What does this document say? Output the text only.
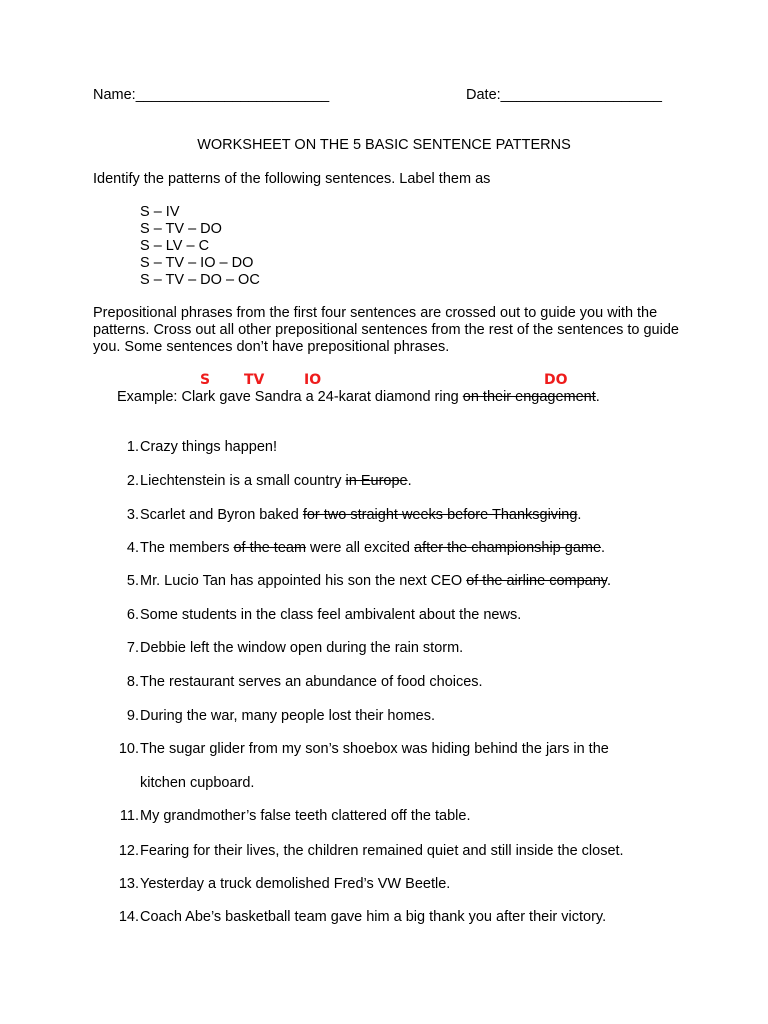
Name:________________________	Date:____________________
WORKSHEET ON THE 5 BASIC SENTENCE PATTERNS
Identify the patterns of the following sentences. Label them as
S – IV
S – TV – DO
S – LV – C
S – TV – IO – DO
S – TV – DO – OC
Prepositional phrases from the first four sentences are crossed out to guide you with the patterns. Cross out all other prepositional sentences from the rest of the sentences to guide you. Some sentences don’t have prepositional phrases.
S TV	IO	DO
Example: Clark gave Sandra a 24-karat diamond ring on their engagement.
1. Crazy things happen!
2. Liechtenstein is a small country in Europe.
3. Scarlet and Byron baked for two straight weeks before Thanksgiving.
4. The members of the team were all excited after the championship game.
5. Mr. Lucio Tan has appointed his son the next CEO of the airline company.
6. Some students in the class feel ambivalent about the news.
7. Debbie left the window open during the rain storm.
8. The restaurant serves an abundance of food choices.
9. During the war, many people lost their homes.
10. The sugar glider from my son’s shoebox was hiding behind the jars in the
kitchen cupboard.
11. My grandmother’s false teeth clattered off the table.
12. Fearing for their lives, the children remained quiet and still inside the closet.
13. Yesterday a truck demolished Fred’s VW Beetle.
14. Coach Abe’s basketball team gave him a big thank you after their victory.
